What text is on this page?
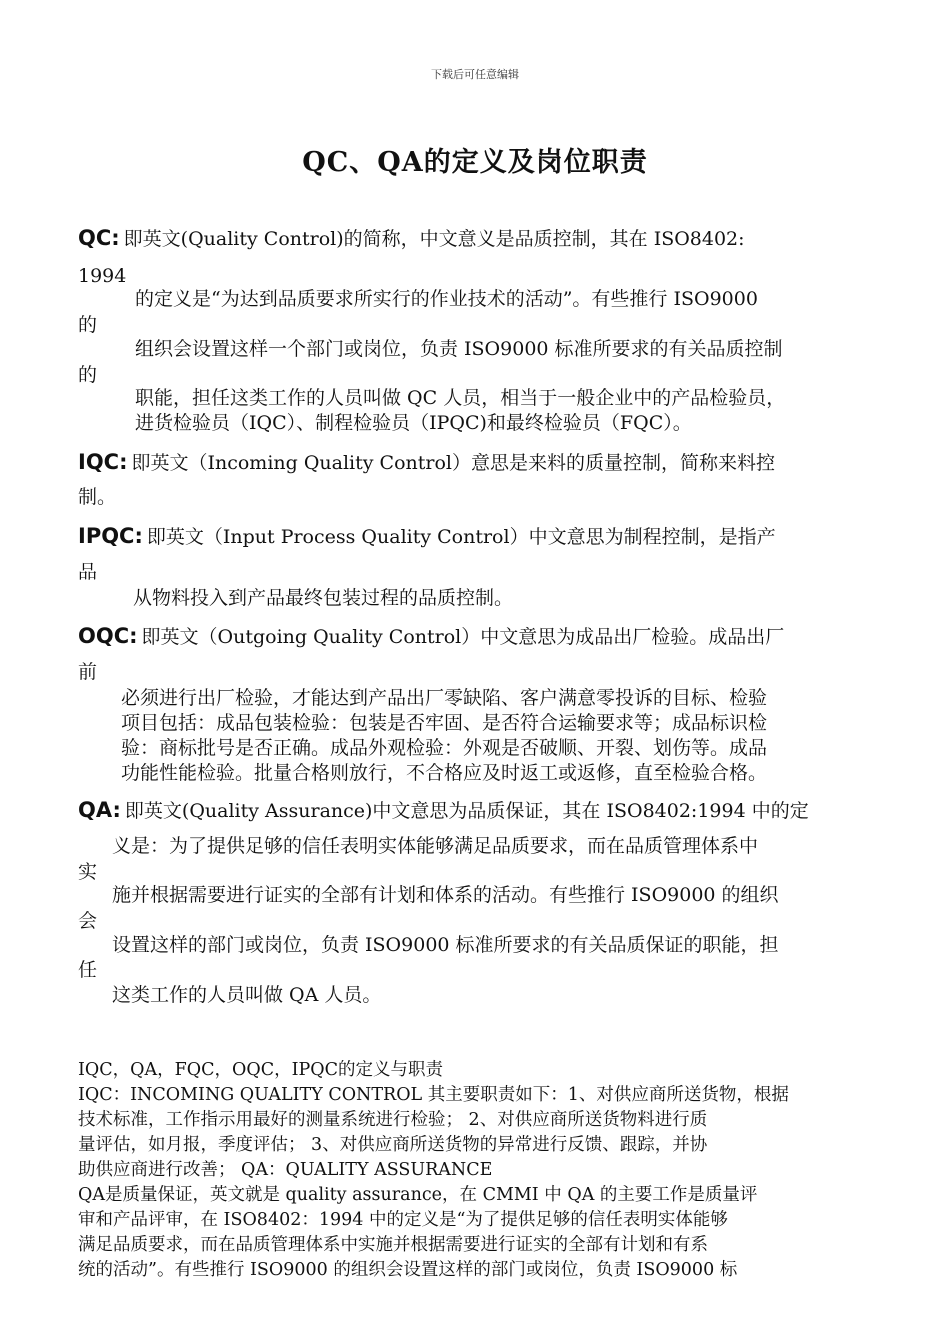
下载后可任意编辑
QC、QA的定义及岗位职责
QC: 即英文(Quality Control)的简称，中文意义是品质控制，其在 ISO8402:
1994
的定义是“为达到品质要求所实行的作业技术的活动”。有些推行 ISO9000
的
组织会设置这样一个部门或岗位，负责 ISO9000 标准所要求的有关品质控制
的
职能，担任这类工作的人员叫做 QC 人员，相当于一般企业中的产品检验员，
进货检验员（IQC）、制程检验员（IPQC)和最终检验员（FQC）。
IQC: 即英文（Incoming Quality Control）意思是来料的质量控制，简称来料控
制。
IPQC: 即英文（Input Process Quality Control）中文意思为制程控制，是指产
品
从物料投入到产品最终包装过程的品质控制。
OQC: 即英文（Outgoing Quality Control）中文意思为成品出厂检验。成品出厂
前
必须进行出厂检验，才能达到产品出厂零缺陷、客户满意零投诉的目标、检验
项目包括：成品包装检验：包装是否牢固、是否符合运输要求等；成品标识检
验：商标批号是否正确。成品外观检验：外观是否破顺、开裂、划伤等。成品
功能性能检验。批量合格则放行，不合格应及时返工或返修，直至检验合格。
QA: 即英文(Quality Assurance)中文意思为品质保证，其在 ISO8402:1994 中的定
义是：为了提供足够的信任表明实体能够满足品质要求，而在品质管理体系中
实
施并根据需要进行证实的全部有计划和体系的活动。有些推行 ISO9000 的组织
会
设置这样的部门或岗位，负责 ISO9000 标准所要求的有关品质保证的职能，担
任
这类工作的人员叫做 QA 人员。
IQC，QA，FQC，OQC，IPQC的定义与职责
IQC：INCOMING QUALITY CONTROL 其主要职责如下：1、对供应商所送货物，根据
技术标准，工作指示用最好的测量系统进行检验； 2、对供应商所送货物料进行质
量评估，如月报，季度评估； 3、对供应商所送货物的异常进行反馈、跟踪，并协
助供应商进行改善； QA：QUALITY ASSURANCE
QA是质量保证，英文就是 quality assurance，在 CMMI 中 QA 的主要工作是质量评
审和产品评审，在 ISO8402：1994 中的定义是“为了提供足够的信任表明实体能够
满足品质要求，而在品质管理体系中实施并根据需要进行证实的全部有计划和有系
统的活动”。有些推行 ISO9000 的组织会设置这样的部门或岗位，负责 ISO9000 标
